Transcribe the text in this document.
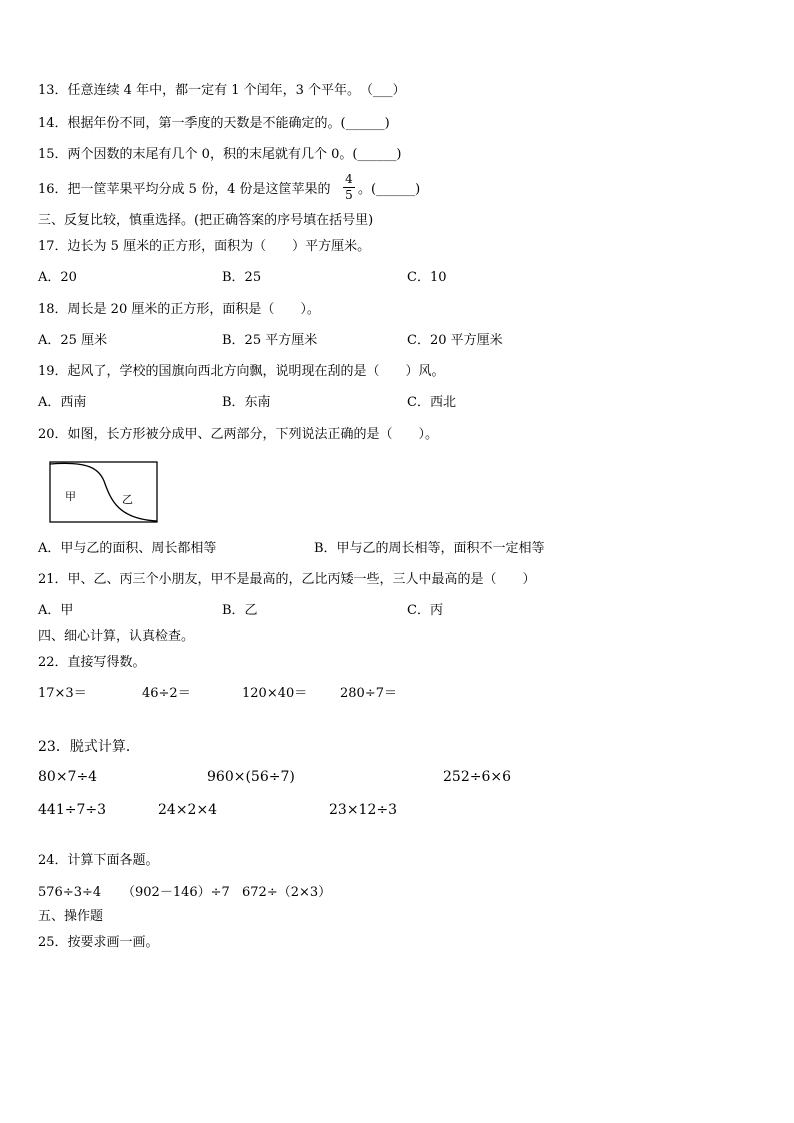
13．任意连续 4 年中，都一定有 1 个闰年，3 个平年。　（___）
14．根据年份不同，第一季度的天数是不能确定的。(______)
15．两个因数的末尾有几个 0，积的末尾就有几个 0。(______)
16．把一筐苹果平均分成 5 份，4 份是这筐苹果的
4
5 。(______)
三、反复比较，慎重选择。(把正确答案的序号填在括号里)
17．边长为 5 厘米的正方形，面积为（　　）平方厘米。
A．20	B．25	C．10
18．周长是 20 厘米的正方形，面积是（　　）。
A．25 厘米	B．25 平方厘米	C．20 平方厘米
19．起风了，学校的国旗向西北方向飘，说明现在刮的是（　　）风。
A．西南	B．东南	C．西北
20．如图，长方形被分成甲、乙两部分，下列说法正确的是（　　）。
甲	乙
A．甲与乙的面积、周长都相等	B．甲与乙的周长相等，面积不一定相等
21．甲、乙、丙三个小朋友，甲不是最高的，乙比丙矮一些，三人中最高的是（　　）
A．甲	B．乙	C．丙
四、细心计算，认真检查。
22．直接写得数。
17×3＝	46÷2＝	120×40＝	280÷7＝
23．脱式计算．
80×7÷4	960×(56÷7)	252÷6×6
441÷7÷3	24×2×4	23×12÷3
24．计算下面各题。
576÷3÷4 （902－146）÷7 672÷（2×3）
五、操作题
25．按要求画一画。
